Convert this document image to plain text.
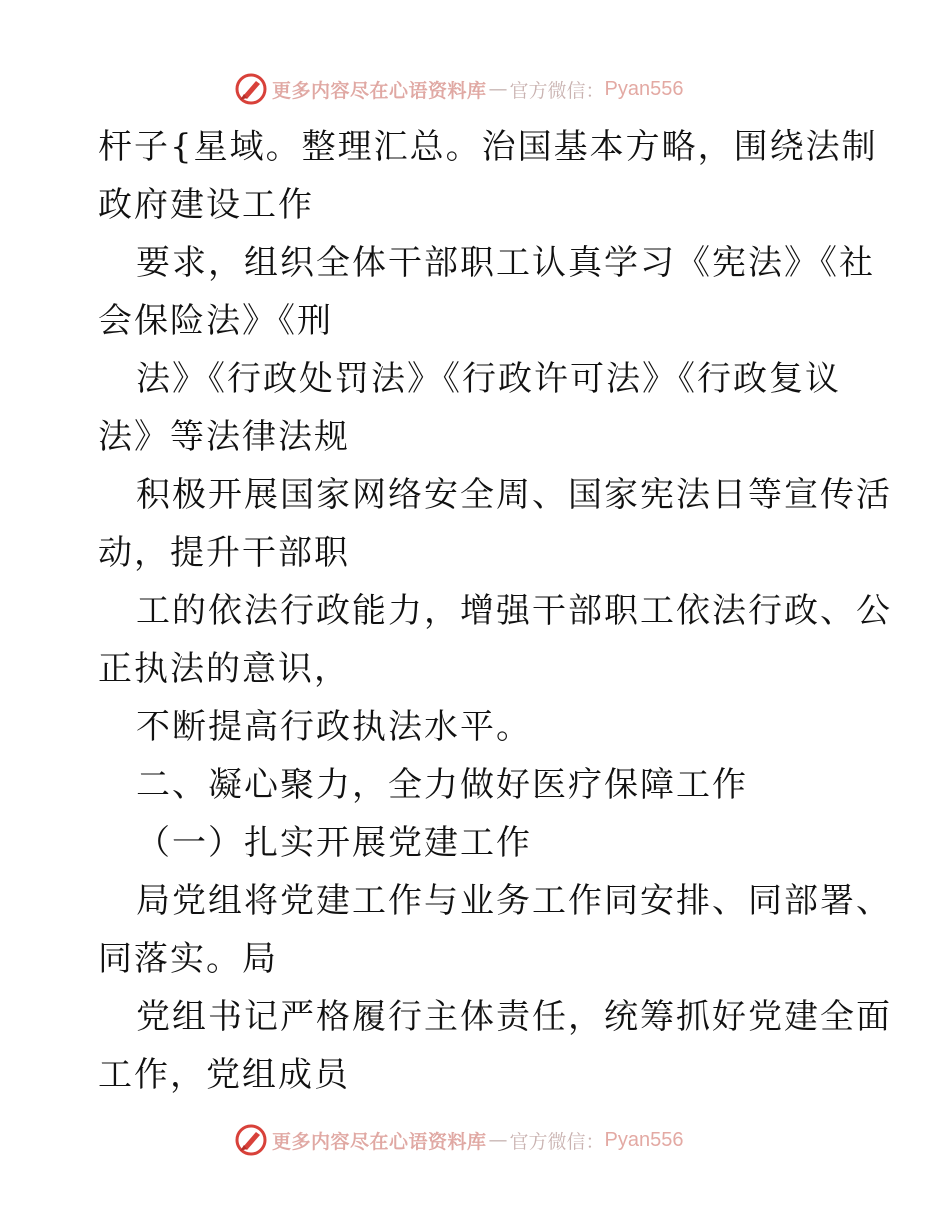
更多内容尽在心语资料库 — 官方微信： Pyan556
杆子{星域。整理汇总。治国基本方略，围绕法制
政府建设工作
要求，组织全体干部职工认真学习《宪法》《社
会保险法》《刑
法》《行政处罚法》《行政许可法》《行政复议
法》等法律法规
积极开展国家网络安全周、国家宪法日等宣传活
动，提升干部职
工的依法行政能力，增强干部职工依法行政、公
正执法的意识，
不断提高行政执法水平。
二、凝心聚力，全力做好医疗保障工作
（一）扎实开展党建工作
局党组将党建工作与业务工作同安排、同部署、
同落实。局
党组书记严格履行主体责任，统筹抓好党建全面
工作，党组成员
更多内容尽在心语资料库 — 官方微信： Pyan556
